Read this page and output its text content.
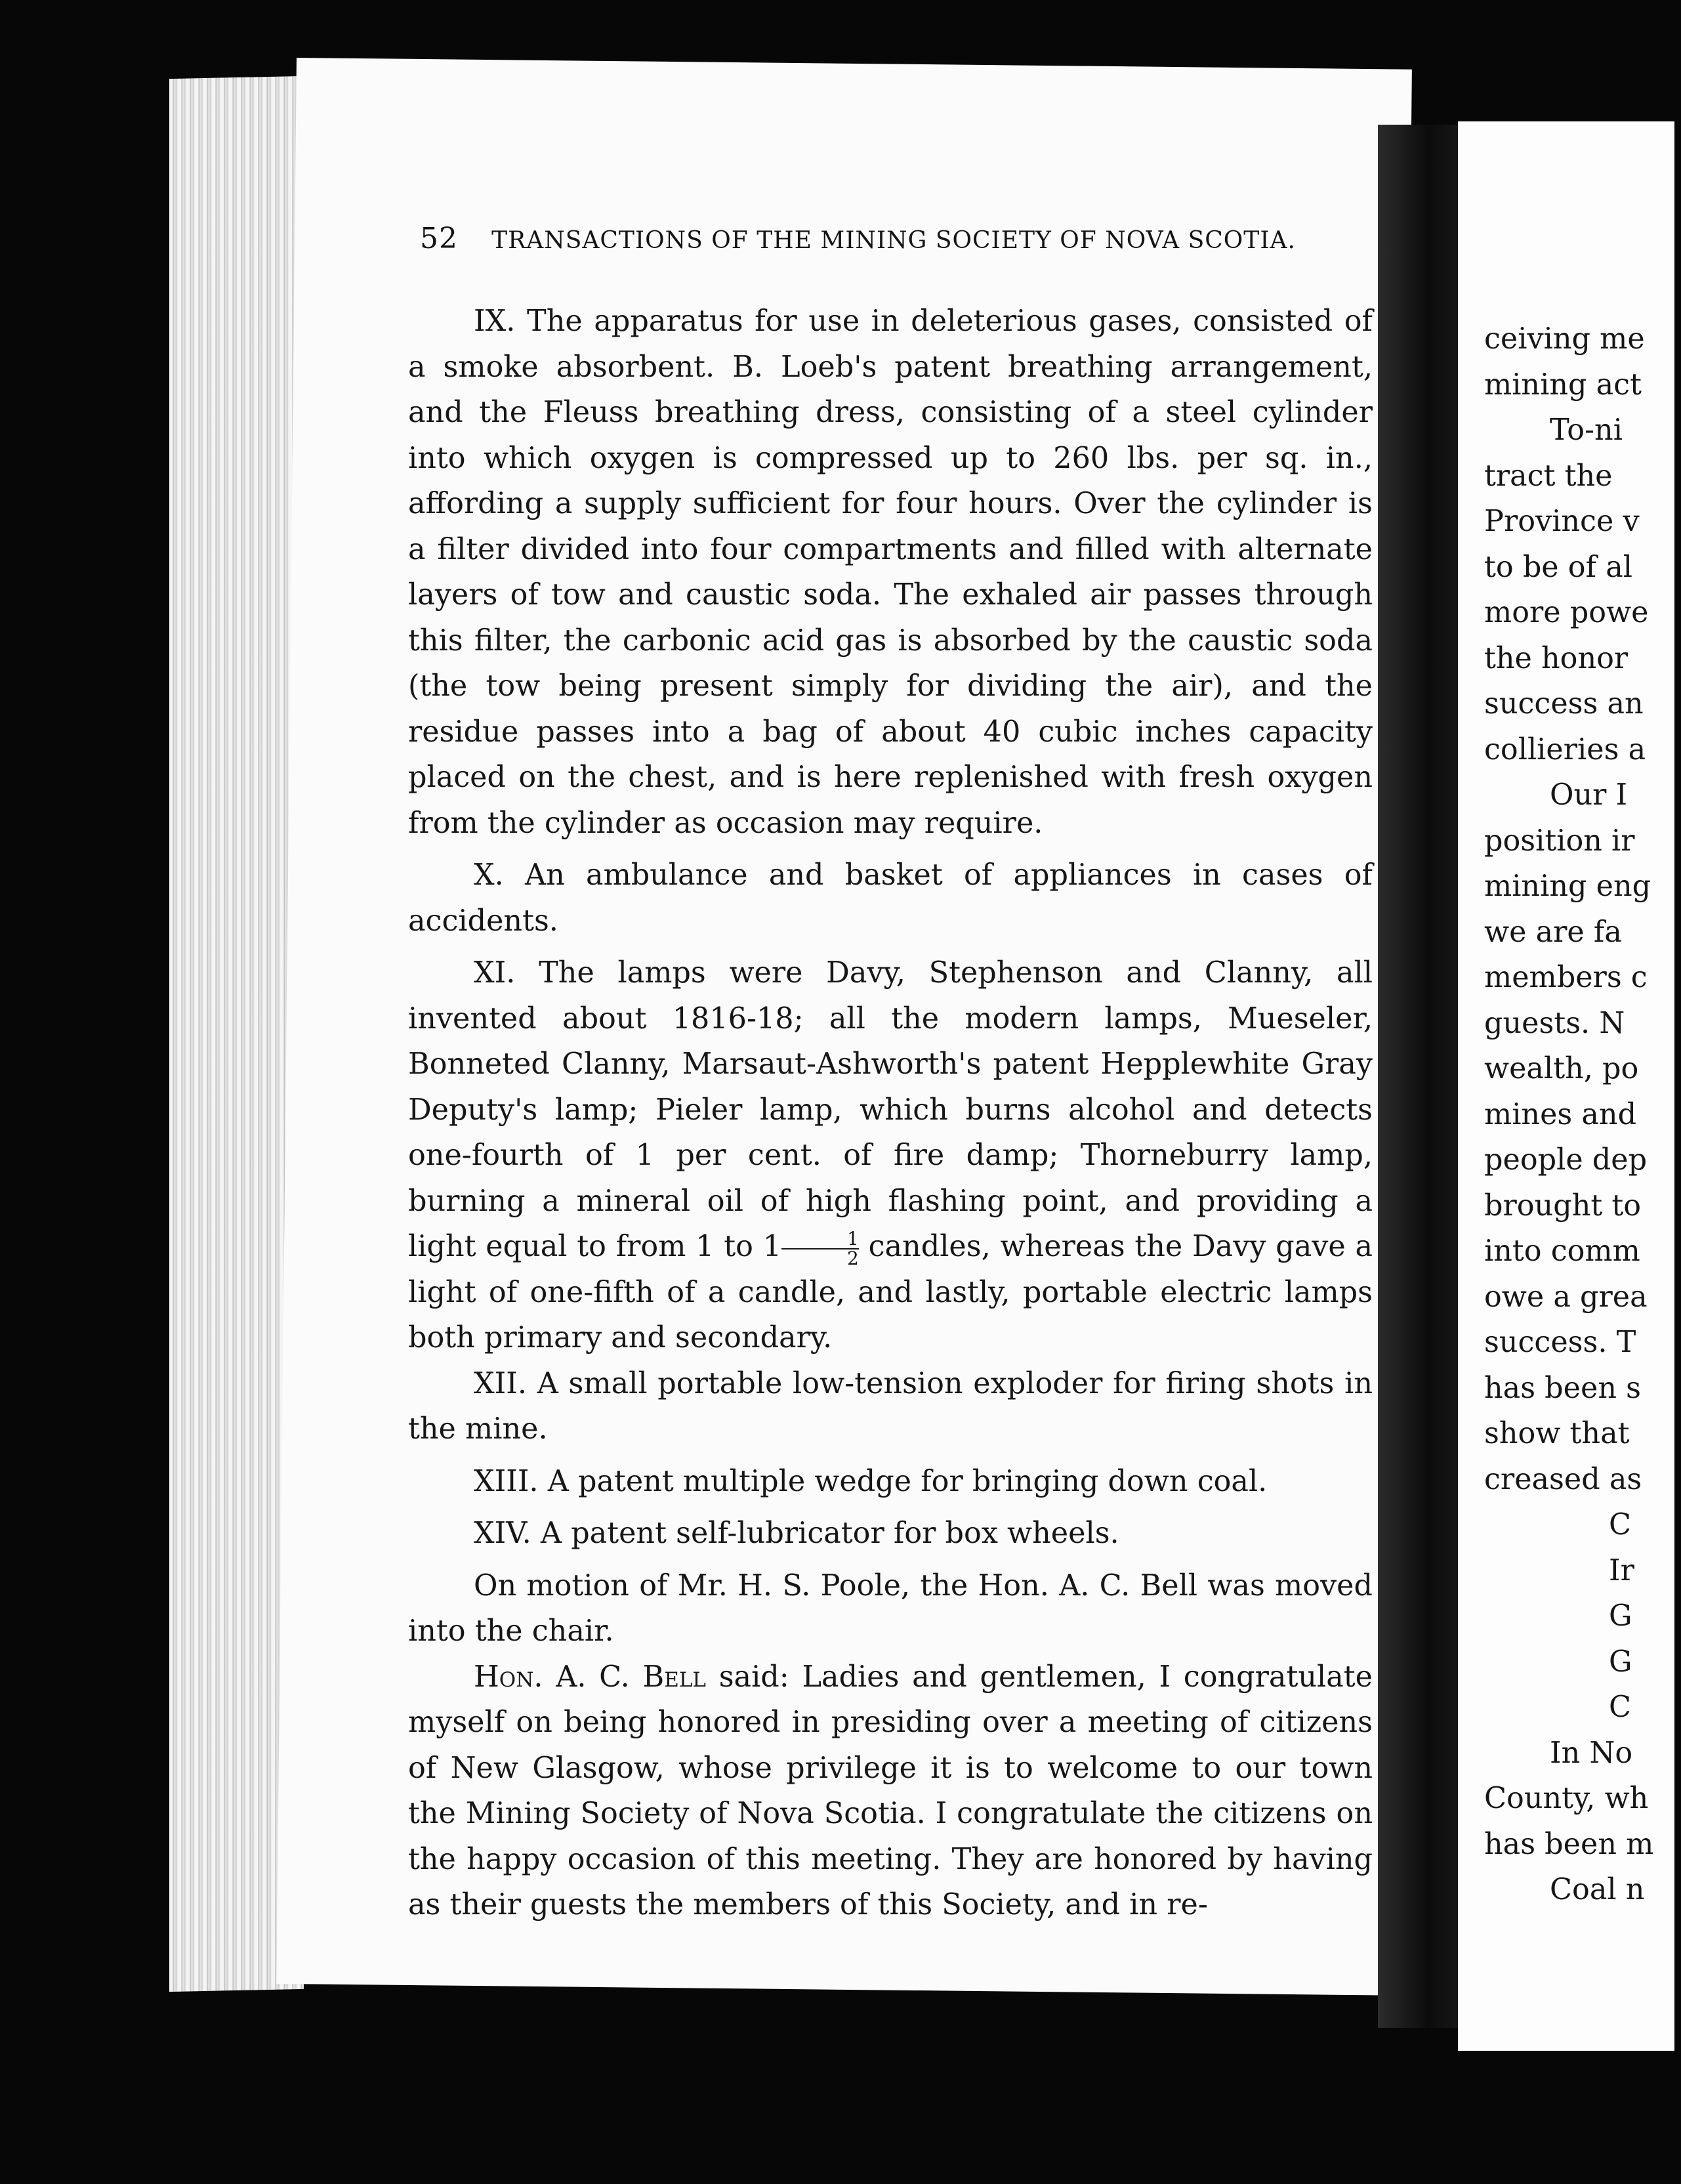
52 TRANSACTIONS OF THE MINING SOCIETY OF NOVA SCOTIA.

IX. The apparatus for use in deleterious gases, consisted of a smoke absorbent. B. Loeb's patent breathing arrangement, and the Fleuss breathing dress, consisting of a steel cylinder into which oxygen is compressed up to 260 lbs. per sq. in., affording a supply sufficient for four hours. Over the cylinder is a filter divided into four compartments and filled with alternate layers of tow and caustic soda. The exhaled air passes through this filter, the carbonic acid gas is absorbed by the caustic soda (the tow being present simply for dividing the air), and the residue passes into a bag of about 40 cubic inches capacity placed on the chest, and is here replenished with fresh oxygen from the cylinder as occasion may require.

X. An ambulance and basket of appliances in cases of accidents.

XI. The lamps were Davy, Stephenson and Clanny, all invented about 1816-18; all the modern lamps, Mueseler, Bonneted Clanny, Marsaut-Ashworth's patent Hepplewhite Gray Deputy's lamp; Pieler lamp, which burns alcohol and detects one-fourth of 1 per cent. of fire damp; Thorneburry lamp, burning a mineral oil of high flashing point, and providing a light equal to from 1 to $1 \frac{1}{2}$ candles, whereas the Davy gave a light of one-fifth of a candle, and lastly, portable electric lamps both primary and secondary.

XII. A small portable low-tension exploder for firing shots in the mine.

XIII. A patent multiple wedge for bringing down coal.

XIV. A patent self-lubricator for box wheels.

On motion of Mr. H. S. Poole, the Hon. A. C. Bell was moved into the chair.

Hon. A. C. Bell said: Ladies and gentlemen, I congratulate myself on being honored in presiding over a meeting of citizens of New Glasgow, whose privilege it is to welcome to our town the Mining Society of Nova Scotia. I congratulate the citizens on the happy occasion of this meeting. They are honored by having as their guests the members of this Society, and in re-

ceiving me
mining act
To-ni
tract the
Province v
to be of al
more powe
the honor
success an
collieries a
Our I
position ir
mining eng
we are fa
members c
guests. N
wealth, po
mines and
people dep
brought to
into comm
owe a grea
success. T
has been s
show that
creased as
C
Ir
G
G
C
In No
County, wh
has been m
Coal n
